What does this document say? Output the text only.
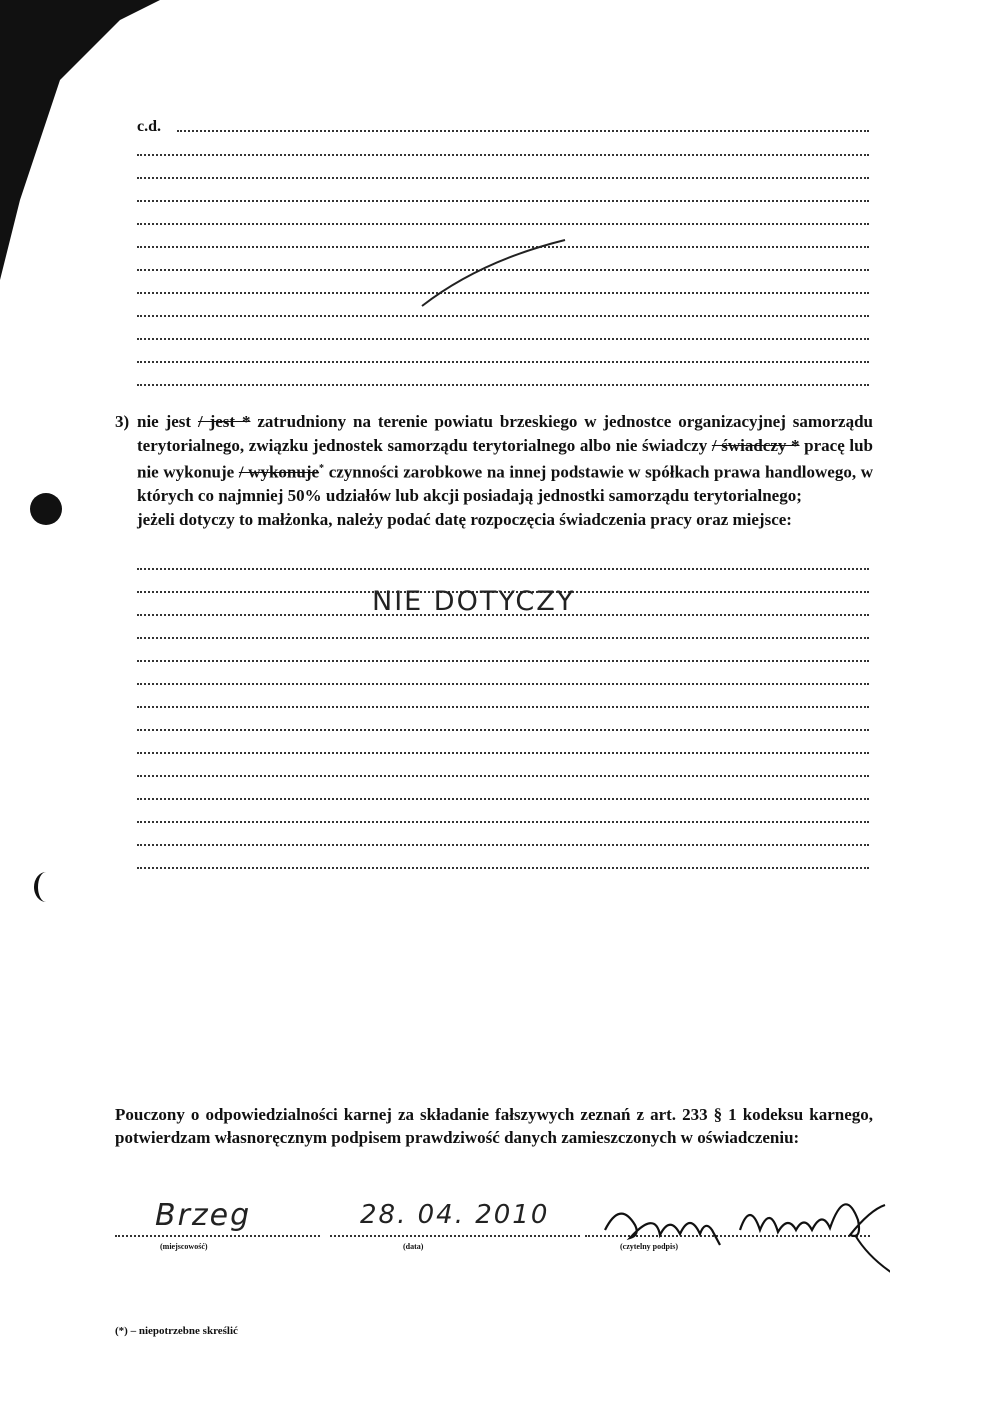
c.d.
3) nie jest / jest * zatrudniony na terenie powiatu brzeskiego w jednostce organizacyjnej samorządu terytorialnego, związku jednostek samorządu terytorialnego albo nie świadczy / świadczy * pracę lub nie wykonuje / wykonuje* czynności zarobkowe na innej podstawie w spółkach prawa handlowego, w których co najmniej 50% udziałów lub akcji posiadają jednostki samorządu terytorialnego;
jeżeli dotyczy to małżonka, należy podać datę rozpoczęcia świadczenia pracy oraz miejsce:
NIE DOTYCZY
Pouczony o odpowiedzialności karnej za składanie fałszywych zeznań z art. 233 § 1 kodeksu karnego, potwierdzam własnoręcznym podpisem prawdziwość danych zamieszczonych w oświadczeniu:
Brzeg
(miejscowość)
28. 04. 2010
(data)	(czytelny podpis)
(*) – niepotrzebne skreślić
